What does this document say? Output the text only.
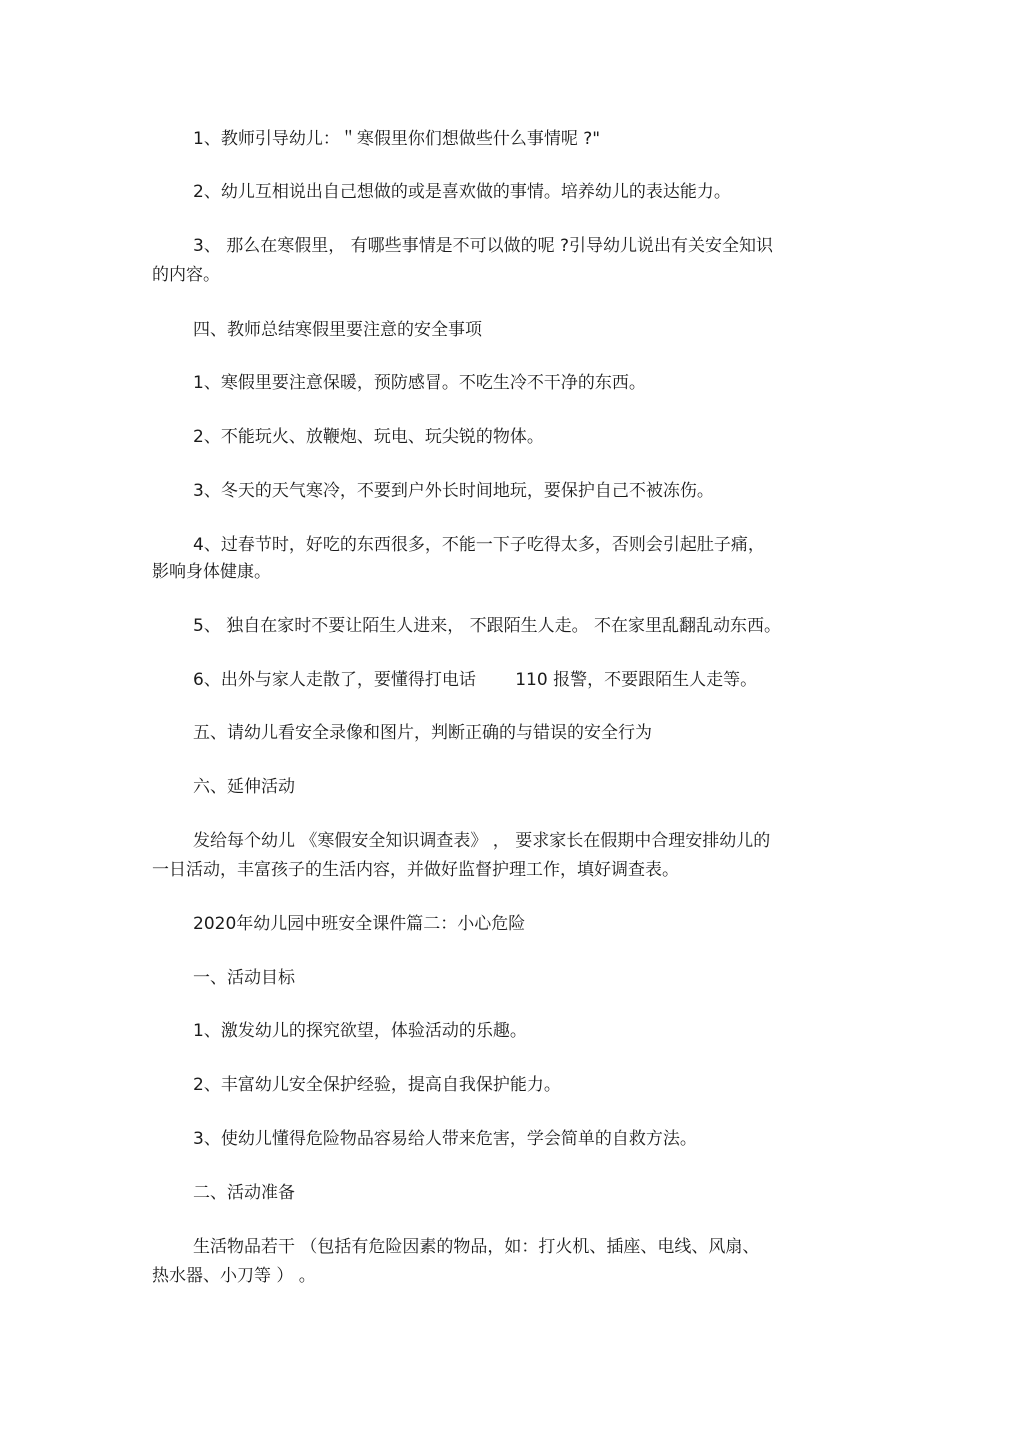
1、教师引导幼儿：＂寒假里你们想做些什么事情呢 ?"
2、幼儿互相说出自己想做的或是喜欢做的事情。培养幼儿的表达能力。
3、 那么在寒假里， 有哪些事情是不可以做的呢 ?引导幼儿说出有关安全知识
的内容。
四、教师总结寒假里要注意的安全事项
1、寒假里要注意保暖，预防感冒。不吃生冷不干净的东西。
2、不能玩火、放鞭炮、玩电、玩尖锐的物体。
3、冬天的天气寒冷，不要到户外长时间地玩，要保护自己不被冻伤。
4、过春节时，好吃的东西很多，不能一下子吃得太多，否则会引起肚子痛，
影响身体健康。
5、 独自在家时不要让陌生人进来， 不跟陌生人走。 不在家里乱翻乱动东西。
6、出外与家人走散了，要懂得打电话 　　110 报警，不要跟陌生人走等。
五、请幼儿看安全录像和图片，判断正确的与错误的安全行为
六、延伸活动
发给每个幼儿 《寒假安全知识调查表》 ， 要求家长在假期中合理安排幼儿的
一日活动，丰富孩子的生活内容，并做好监督护理工作，填好调查表。
2020年幼儿园中班安全课件篇二：小心危险
一、活动目标
1、激发幼儿的探究欲望，体验活动的乐趣。
2、丰富幼儿安全保护经验，提高自我保护能力。
3、使幼儿懂得危险物品容易给人带来危害，学会简单的自救方法。
二、活动准备
生活物品若干 （包括有危险因素的物品，如：打火机、插座、电线、风扇、
热水器、小刀等 ） 。
